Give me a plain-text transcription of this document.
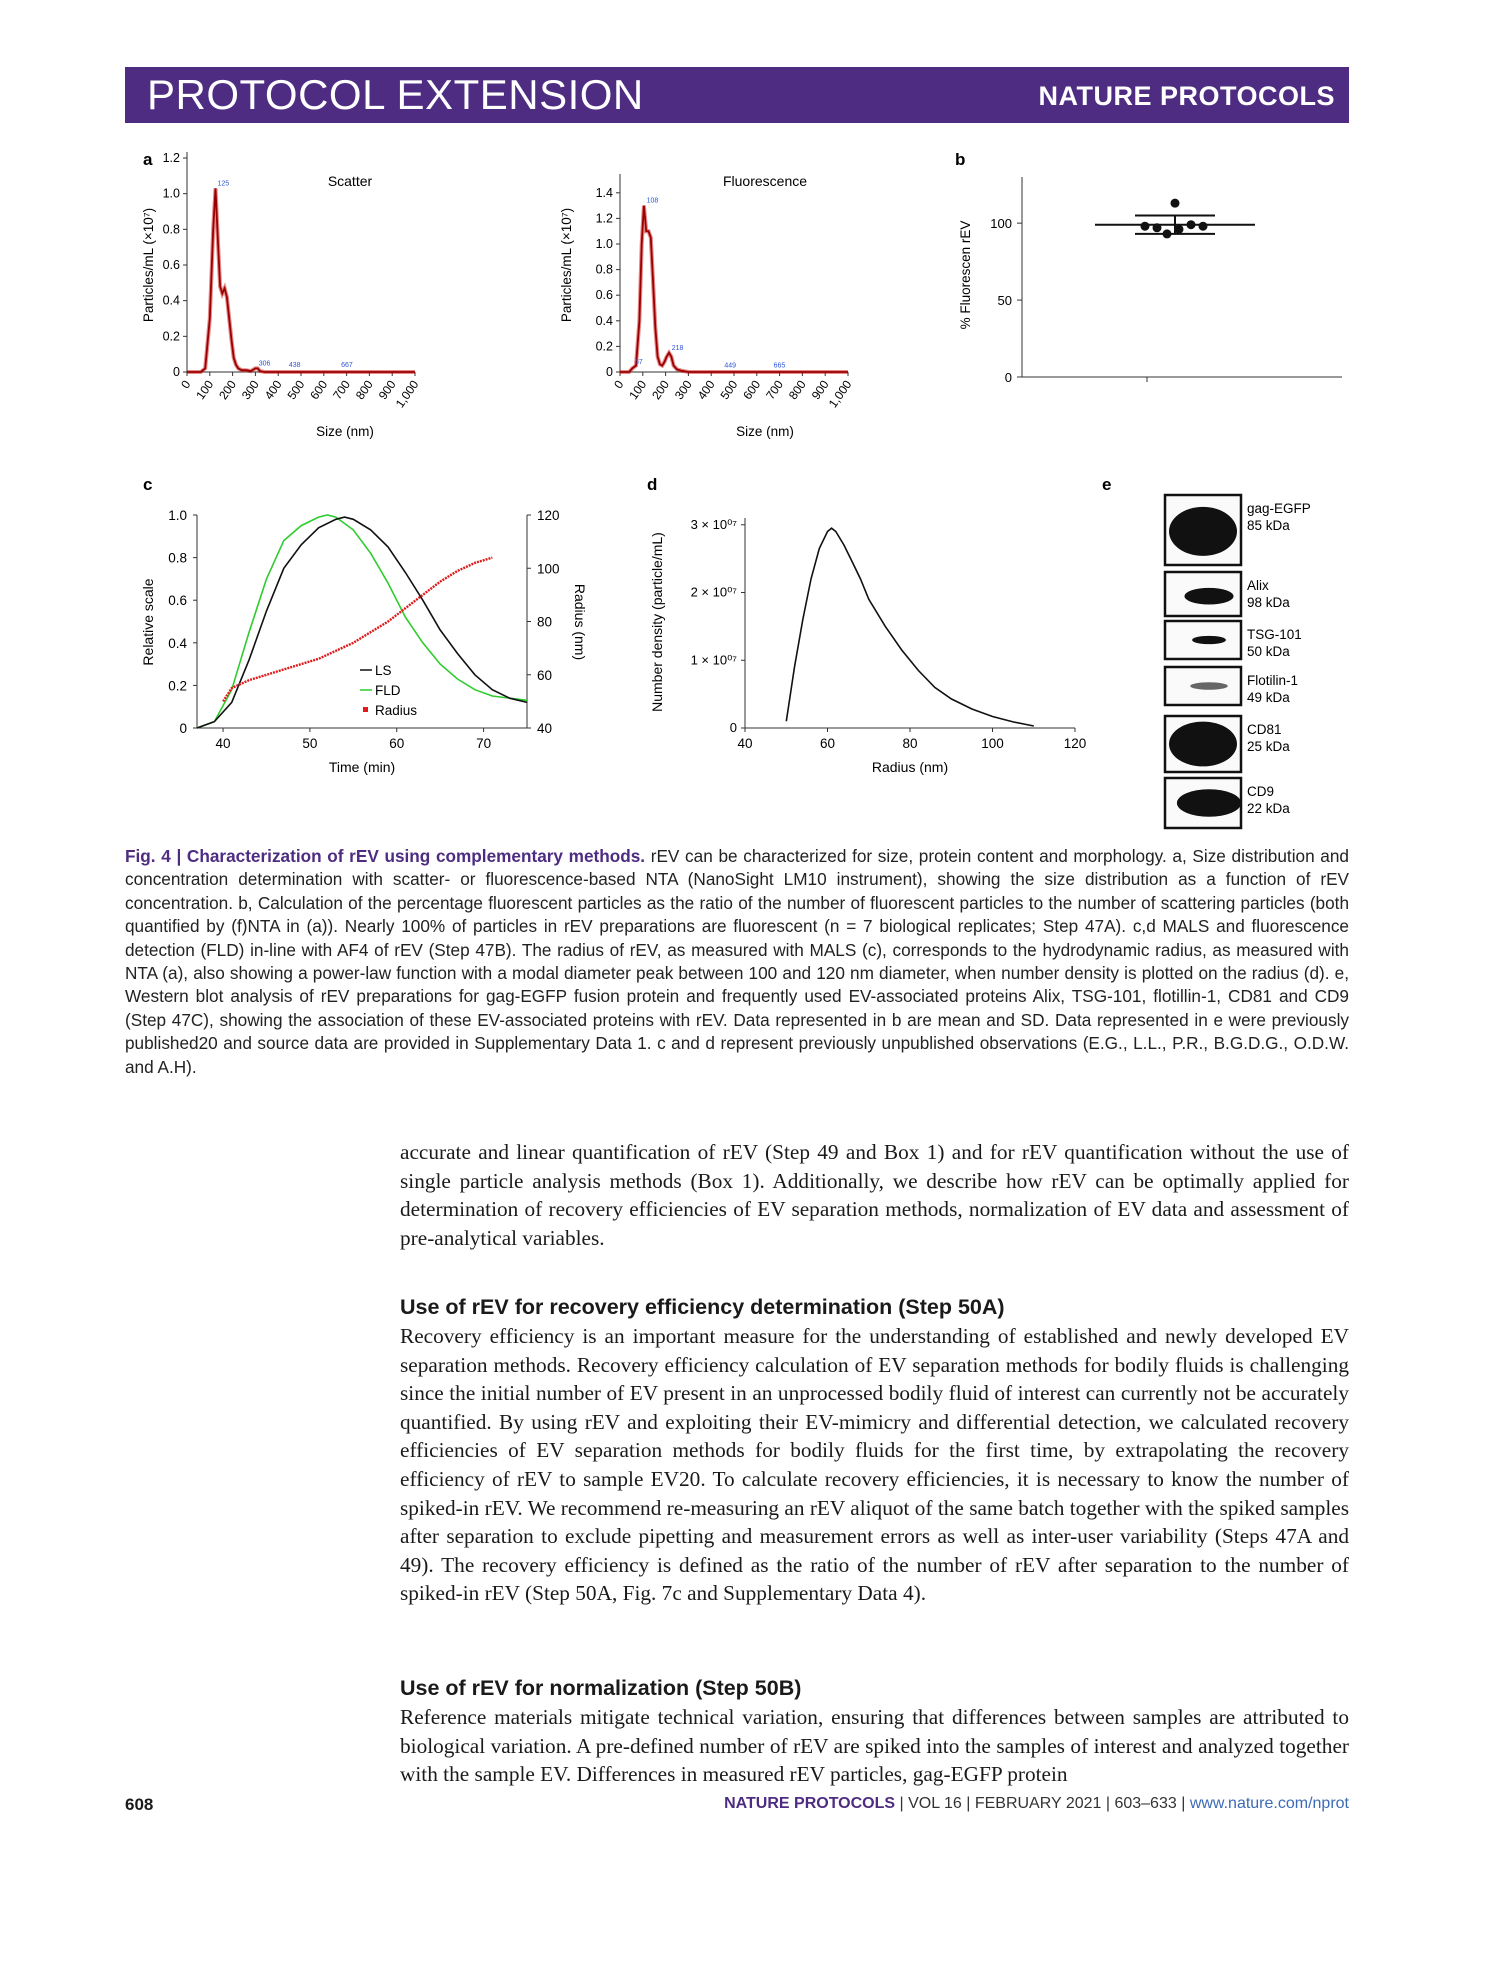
PROTOCOL EXTENSION	NATURE PROTOCOLS
a	b
c	d	e
0
0.2
0.4
0.6
0.8
1.0
1.2
0 100 200 300 400 500 600 700 800 900
1,000
Scatter
Size (nm)
Particles/mL (×10⁷)
125
306	438	667	0
0.2
0.4
0.6
0.8
1.0
1.2
1.4
0 100 200 300 400 500 600 700 800 900
1,000
Fluorescence
Size (nm)
Particles/mL (×10⁷)
108
57
218
449	665
0
50
100
% Fluorescen rEV
0
0.2
0.4
0.6
0.8
1.0
40
60
80
100
120
40	50	60	70
Time (min)
Relative scale	Radius (nm)
LS
FLD
Radius
0
1 × 10⁰⁷
2 × 10⁰⁷
3 × 10⁰⁷
40	60	80	100	120
Radius (nm)
Number density (particle/mL)
gag-EGFP
85 kDa
Alix
98 kDa
TSG-101
50 kDa
Flotilin-1
49 kDa
CD81
25 kDa
CD9
22 kDa
Fig. 4 | Characterization of rEV using complementary methods. rEV can be characterized for size, protein content and morphology. a, Size distribution and concentration determination with scatter- or fluorescence-based NTA (NanoSight LM10 instrument), showing the size distribution as a function of rEV concentration. b, Calculation of the percentage fluorescent particles as the ratio of the number of fluorescent particles to the number of scattering particles (both quantified by (f)NTA in (a)). Nearly 100% of particles in rEV preparations are fluorescent (n = 7 biological replicates; Step 47A). c,d MALS and fluorescence detection (FLD) in-line with AF4 of rEV (Step 47B). The radius of rEV, as measured with MALS (c), corresponds to the hydrodynamic radius, as measured with NTA (a), also showing a power-law function with a modal diameter peak between 100 and 120 nm diameter, when number density is plotted on the radius (d). e, Western blot analysis of rEV preparations for gag-EGFP fusion protein and frequently used EV-associated proteins Alix, TSG-101, flotillin-1, CD81 and CD9 (Step 47C), showing the association of these EV-associated proteins with rEV. Data represented in b are mean and SD. Data represented in e were previously published20 and source data are provided in Supplementary Data 1. c and d represent previously unpublished observations (E.G., L.L., P.R., B.G.D.G., O.D.W. and A.H).
accurate and linear quantification of rEV (Step 49 and Box 1) and for rEV quantification without the use of single particle analysis methods (Box 1). Additionally, we describe how rEV can be optimally applied for determination of recovery efficiencies of EV separation methods, normalization of EV data and assessment of pre-analytical variables.
Use of rEV for recovery efficiency determination (Step 50A)
Recovery efficiency is an important measure for the understanding of established and newly developed EV separation methods. Recovery efficiency calculation of EV separation methods for bodily fluids is challenging since the initial number of EV present in an unprocessed bodily fluid of interest can currently not be accurately quantified. By using rEV and exploiting their EV-mimicry and differential detection, we calculated recovery efficiencies of EV separation methods for bodily fluids for the first time, by extrapolating the recovery efficiency of rEV to sample EV20. To calculate recovery efficiencies, it is necessary to know the number of spiked-in rEV. We recommend re-measuring an rEV aliquot of the same batch together with the spiked samples after separation to exclude pipetting and measurement errors as well as inter-user variability (Steps 47A and 49). The recovery efficiency is defined as the ratio of the number of rEV after separation to the number of spiked-in rEV (Step 50A, Fig. 7c and Supplementary Data 4).
Use of rEV for normalization (Step 50B)
Reference materials mitigate technical variation, ensuring that differences between samples are attributed to biological variation. A pre-defined number of rEV are spiked into the samples of interest and analyzed together with the sample EV. Differences in measured rEV particles, gag-EGFP protein
608	NATURE PROTOCOLS | VOL 16 | FEBRUARY 2021 | 603–633 | www.nature.com/nprot
